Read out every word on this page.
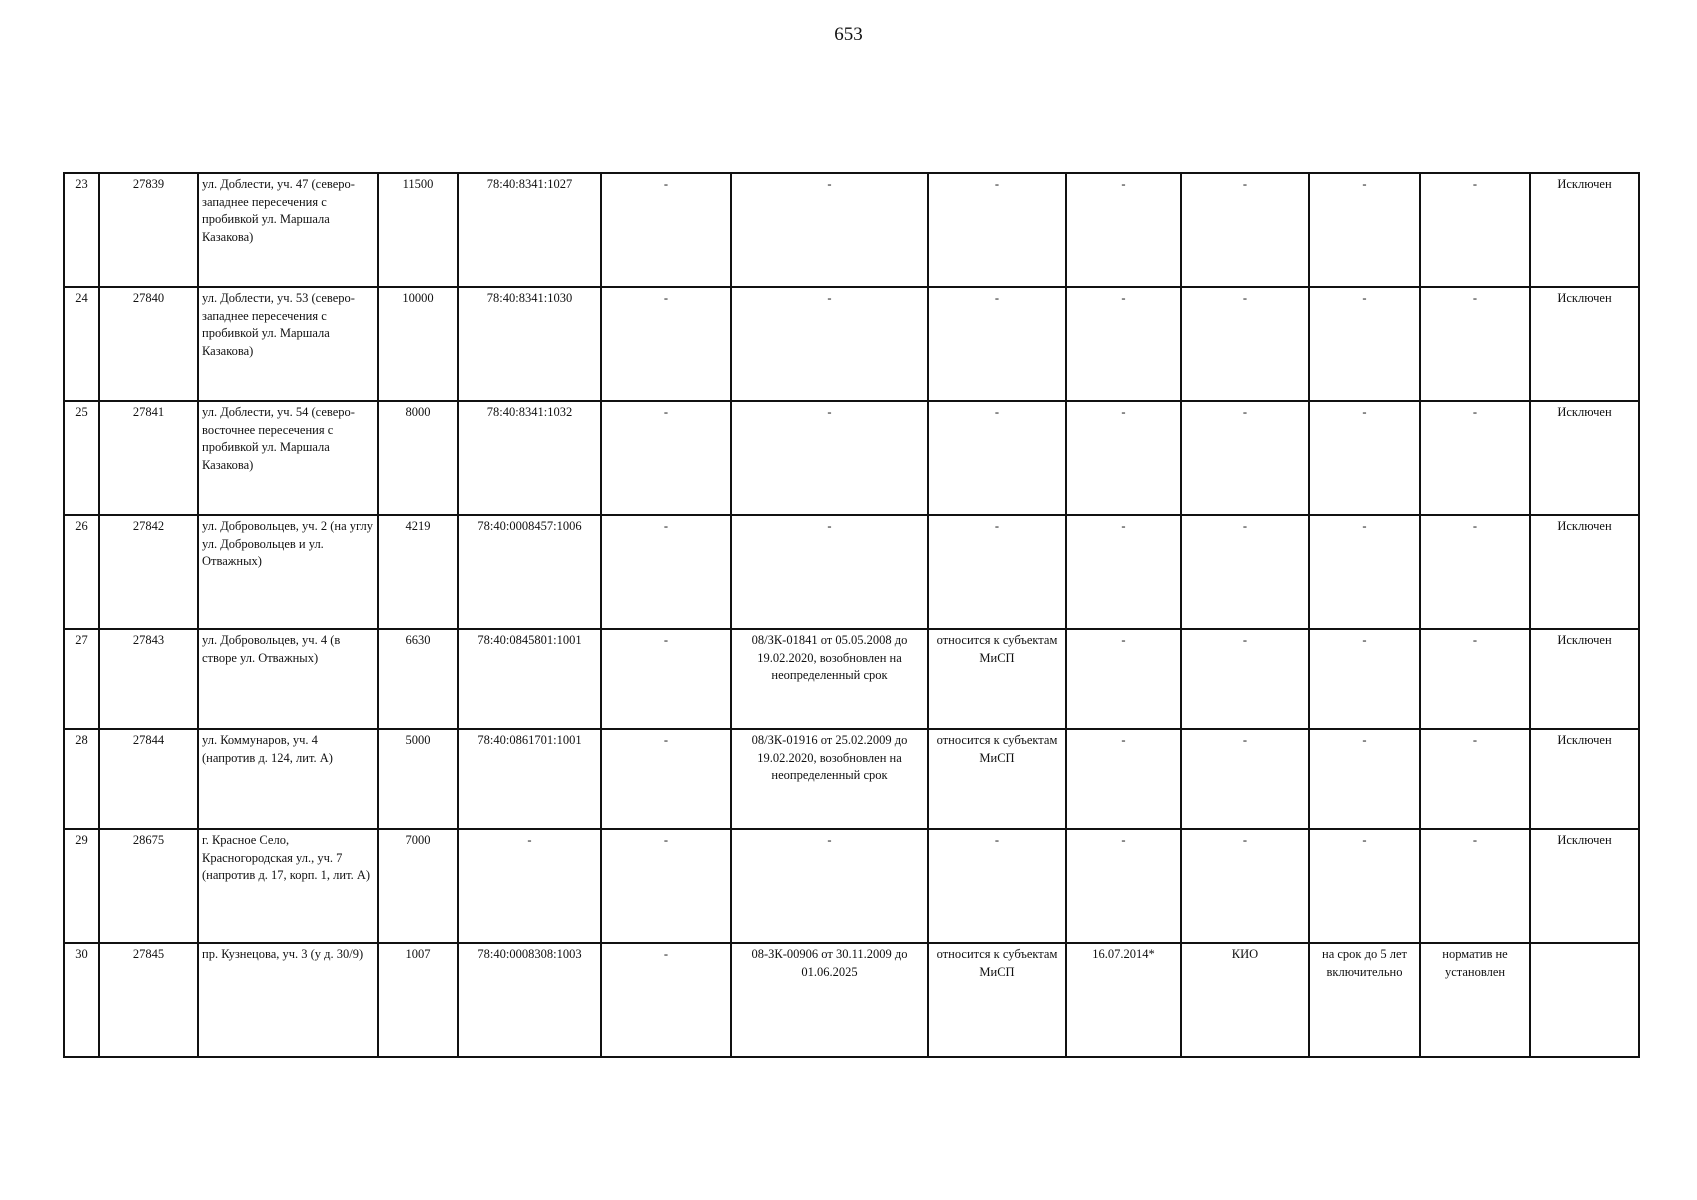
653
23	27839	ул. Доблести, уч. 47 (северо-западнее пересечения с пробивкой ул. Маршала Казакова)	11500	78:40:8341:1027	-	-	-	-	-	-	-	Исключен
24	27840	ул. Доблести, уч. 53 (северо-западнее пересечения с пробивкой ул. Маршала Казакова)	10000	78:40:8341:1030	-	-	-	-	-	-	-	Исключен
25	27841	ул. Доблести, уч. 54 (северо-восточнее пересечения с пробивкой ул. Маршала Казакова)	8000	78:40:8341:1032	-	-	-	-	-	-	-	Исключен
26	27842	ул. Добровольцев, уч. 2 (на углу ул. Добровольцев и ул. Отважных)	4219	78:40:0008457:1006	-	-	-	-	-	-	-	Исключен
27	27843	ул. Добровольцев, уч. 4 (в створе ул. Отважных)	6630	78:40:0845801:1001	-	08/ЗК-01841 от 05.05.2008 до 19.02.2020, возобновлен на неопределенный срок	относится к субъектам МиСП	-	-	-	-	Исключен
28	27844	ул. Коммунаров, уч. 4 (напротив д. 124, лит. А)	5000	78:40:0861701:1001	-	08/ЗК-01916 от 25.02.2009 до 19.02.2020, возобновлен на неопределенный срок	относится к субъектам МиСП	-	-	-	-	Исключен
29	28675	г. Красное Село, Красногородская ул., уч. 7 (напротив д. 17, корп. 1, лит. А)	7000	-	-	-	-	-	-	-	-	Исключен
30	27845	пр. Кузнецова, уч. 3 (у д. 30/9)	1007	78:40:0008308:1003	-	08-ЗК-00906 от 30.11.2009 до 01.06.2025	относится к субъектам МиСП	16.07.2014*	КИО	на срок до 5 лет включительно	норматив не установлен	
